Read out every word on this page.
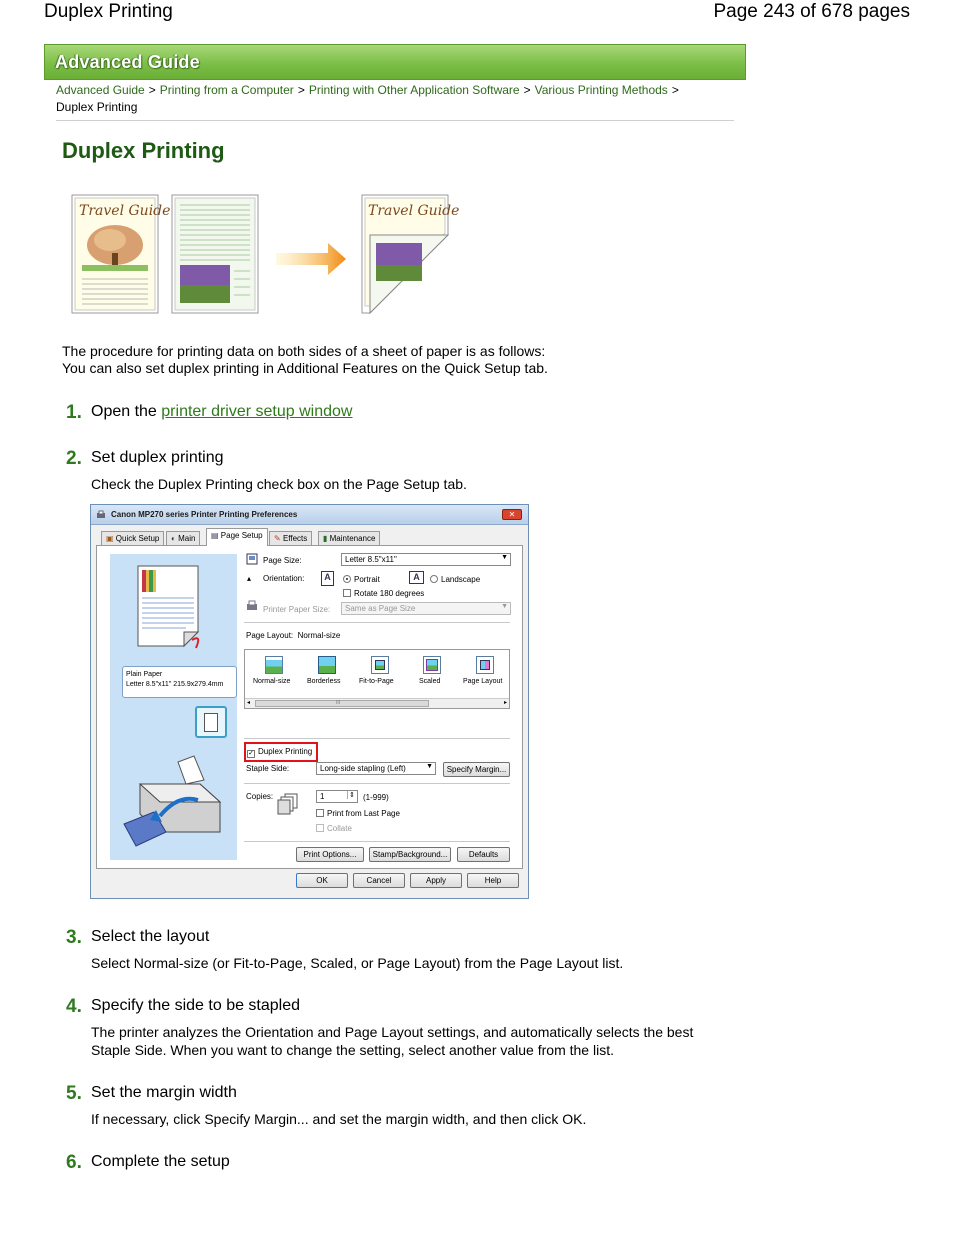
Duplex Printing	Page 243 of 678 pages
Advanced Guide
Advanced Guide > Printing from a Computer > Printing with Other Application Software > Various Printing Methods >
Duplex Printing
Duplex Printing
Travel Guide	Travel Guide
The procedure for printing data on both sides of a sheet of paper is as follows:
You can also set duplex printing in Additional Features on the Quick Setup tab.
1. Open the printer driver setup window
2. Set duplex printing
Check the Duplex Printing check box on the Page Setup tab.
Canon MP270 series Printer Printing Preferences	✕
▣ Quick Setup	◐ Main	▤ Page Setup	✎ Effects	▮ Maintenance
Plain Paper
Letter 8.5"x11" 215.9x279.4mm
Page Size:	Letter 8.5"x11"	▼
▴ Orientation:	A	Portrait	A	Landscape
Rotate 180 degrees
Printer Paper Size:	Same as Page Size	▼
Page Layout: Normal-size
Normal-size Borderless	Fit-to-Page	Scaled	Page Layout
◂	III	▸
✓ Duplex Printing
Staple Side:	Long-side stapling (Left)	▼	Specify Margin...
Copies:	1	⇕ (1-999)
Print from Last Page
Collate
Print Options...	Stamp/Background...	Defaults
OK	Cancel	Apply	Help
3. Select the layout
Select Normal-size (or Fit-to-Page, Scaled, or Page Layout) from the Page Layout list.
4. Specify the side to be stapled
The printer analyzes the Orientation and Page Layout settings, and automatically selects the best Staple Side. When you want to change the setting, select another value from the list.
5. Set the margin width
If necessary, click Specify Margin... and set the margin width, and then click OK.
6. Complete the setup
